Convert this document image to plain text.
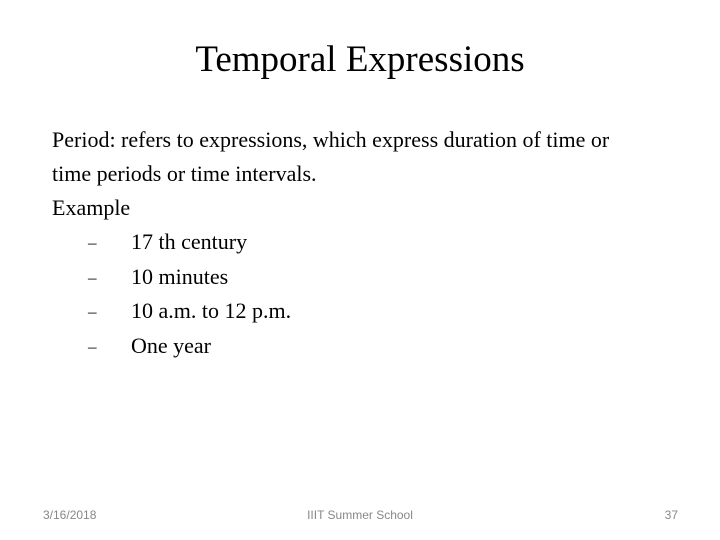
Temporal Expressions
Period: refers to expressions, which express duration of time or
time periods or time intervals.
Example
– 17 th century
– 10 minutes
– 10 a.m. to 12 p.m.
– One year
3/16/2018	IIIT Summer School	37
